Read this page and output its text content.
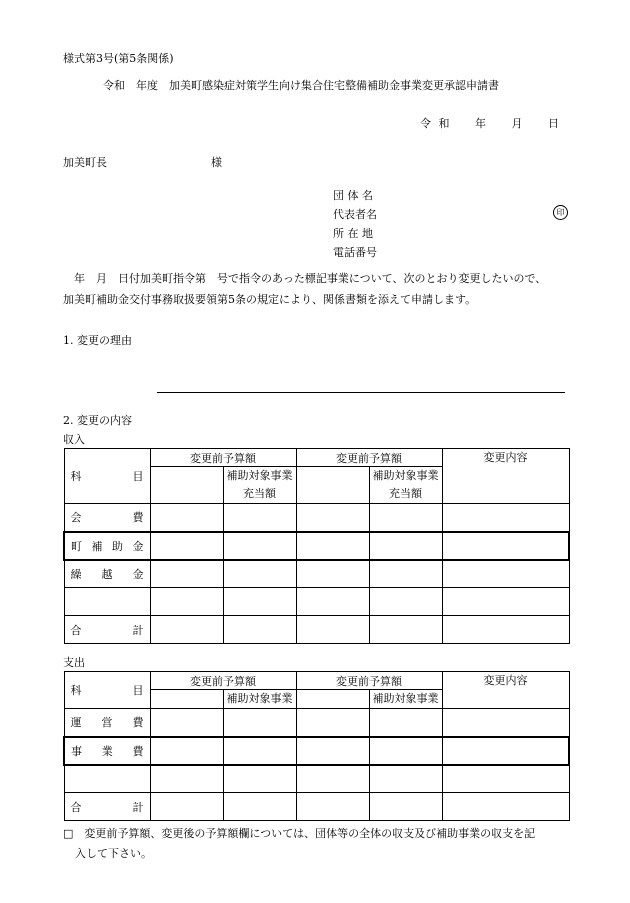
様式第3号(第5条関係)
令和　年度　加美町感染症対策学生向け集合住宅整備補助金事業変更承認申請書
令 和 年 月 日
加美町長	様
団 体 名
代表者名
所 在 地
電話番号
印
年　月　日付加美町指令第　号で指令のあった標記事業について、次のとおり変更したいので、
加美町補助金交付事務取扱要領第5条の規定により、関係書類を添えて申請します。
1. 変更の理由
2. 変更の内容
収入
科 目	変更前予算額		変更前予算額		変更内容
		補助対象事業		補助対象事業	
		充当額		充当額	

会 費					

町 補 助 金					

繰 越 金					

合 計					

支出
科 目	変更前予算額		変更前予算額		変更内容
		補助対象事業		補助対象事業	

運 営 費					

事 業 費					

合 計					

□　 変更前予算額、変更後の予算額欄については、団体等の全体の収支及び補助事業の収支を記
入して下さい。
